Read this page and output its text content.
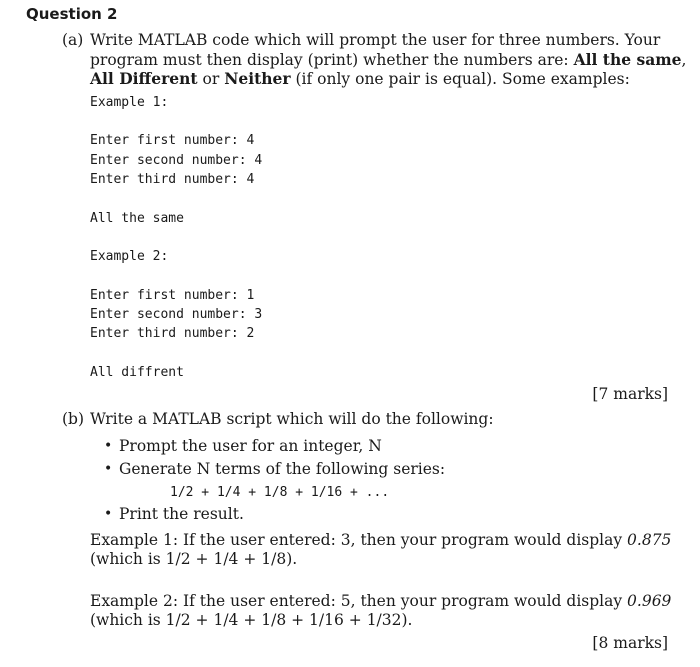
Question 2
(a) Write MATLAB code which will prompt the user for three numbers. Your
program must then display (print) whether the numbers are: All the same,
All Different or Neither (if only one pair is equal). Some examples:
Example 1:
Enter first number: 4
Enter second number: 4
Enter third number: 4
All the same
Example 2:
Enter first number: 1
Enter second number: 3
Enter third number: 2
All diffrent
[7 marks]
(b) Write a MATLAB script which will do the following:
• Prompt the user for an integer, N
• Generate N terms of the following series:
1/2 + 1/4 + 1/8 + 1/16 + ...
• Print the result.
Example 1: If the user entered: 3, then your program would display 0.875
(which is 1/2 + 1/4 + 1/8).
Example 2: If the user entered: 5, then your program would display 0.969
(which is 1/2 + 1/4 + 1/8 + 1/16 + 1/32).
[8 marks]
